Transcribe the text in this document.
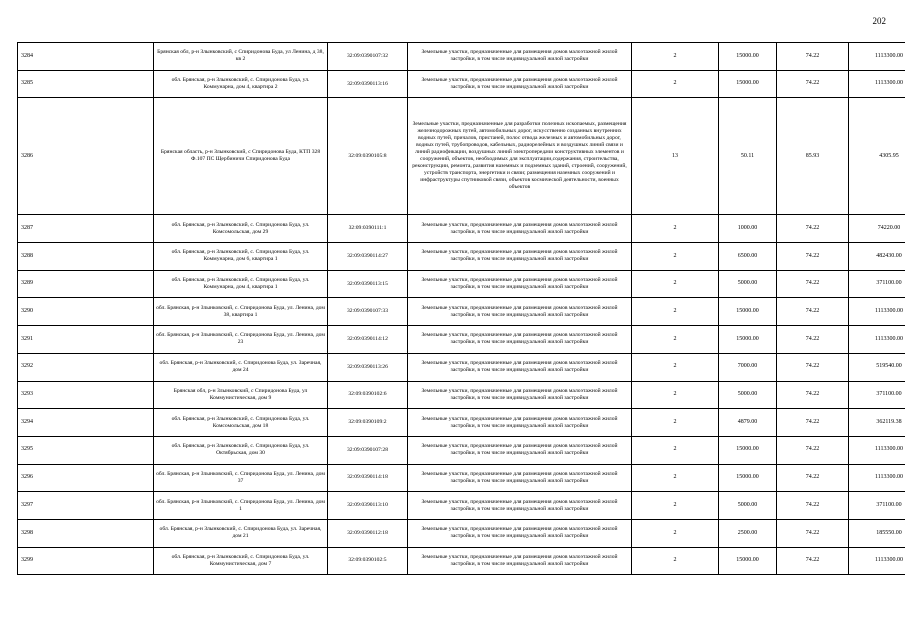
202
3284	Брянская обл, р-н Злынковский, с Спиридонова Буда, ул Ленина, д 38, кв 2	32:09:0390107:32	Земельные участки, предназначенные для размещения домов малоэтажной жилой застройки, в том числе индивидуальной жилой застройки	2	15000.00	74.22	1113300.00
3285	обл. Брянская, р-н Злынковский, с. Спиридонова Буда, ул. Коммунарна, дом 4, квартира 2	32:09:0390113:16	Земельные участки, предназначенные для размещения домов малоэтажной жилой застройки, в том числе индивидуальной жилой застройки	2	15000.00	74.22	1113300.00
3286	Брянская область, р-н Злынковский, с Спиридонова Буда, КТП 328 Ф.107 ПС Щербиничи Спиридонова Буда	32:09:0390105:8	Земельные участки, предназначенные для разработки полезных ископаемых, размещения железнодорожных путей, автомобильных дорог, искусственно созданных внутренних водных путей, причалов, пристаней, полос отвода железных и автомобильных дорог, водных путей, трубопроводов, кабельных, радиорелейных и воздушных линий связи и линий радиофикации, воздушных линий электропередачи конструктивных элементов и сооружений, объектов, необходимых для эксплуатации,содержания, строительства, реконструкции, ремонта, развития наземных и подземных зданий, строений, сооружений, устройств транспорта, энергетики и связи; размещения наземных сооружений и инфраструктуры спутниковой связи, объектов космической деятельности, военных объектов	13	50.11	85.93	4305.95
3287	обл. Брянская, р-н Злынковский, с. Спиридонова Буда, ул. Комсомольская, дом 29	32:09:0390111:1	Земельные участки, предназначенные для размещения домов малоэтажной жилой застройки, в том числе индивидуальной жилой застройки	2	1000.00	74.22	74220.00
3288	обл. Брянская, р-н Злынковский, с. Спиридонова Буда, ул. Коммунарна, дом 6, квартира 1	32:09:0390114:27	Земельные участки, предназначенные для размещения домов малоэтажной жилой застройки, в том числе индивидуальной жилой застройки	2	6500.00	74.22	482430.00
3289	обл. Брянская, р-н Злынковский, с. Спиридонова Буда, ул. Коммунарна, дом 4, квартира 1	32:09:0390113:15	Земельные участки, предназначенные для размещения домов малоэтажной жилой застройки, в том числе индивидуальной жилой застройки	2	5000.00	74.22	371100.00
3290	обл. Брянская, р-н Злынковский, с. Спиридонова Буда, ул. Ленина, дом 38, квартира 1	32:09:0390107:33	Земельные участки, предназначенные для размещения домов малоэтажной жилой застройки, в том числе индивидуальной жилой застройки	2	15000.00	74.22	1113300.00
3291	обл. Брянская, р-н Злынковский, с. Спиридонова Буда, ул. Ленина, дом 23	32:09:0390114:12	Земельные участки, предназначенные для размещения домов малоэтажной жилой застройки, в том числе индивидуальной жилой застройки	2	15000.00	74.22	1113300.00
3292	обл. Брянская, р-н Злынковский, с. Спиридонова Буда, ул. Заречная, дом 24	32:09:0390113:26	Земельные участки, предназначенные для размещения домов малоэтажной жилой застройки, в том числе индивидуальной жилой застройки	2	7000.00	74.22	519540.00
3293	Брянская обл, р-н Злынковский, с Спиридонова Буда, ул Коммунистическая, дом 9	32:09:0390102:6	Земельные участки, предназначенные для размещения домов малоэтажной жилой застройки, в том числе индивидуальной жилой застройки	2	5000.00	74.22	371100.00
3294	обл. Брянская, р-н Злынковский, с. Спиридонова Буда, ул. Комсомольская, дом 18	32:09:0390109:2	Земельные участки, предназначенные для размещения домов малоэтажной жилой застройки, в том числе индивидуальной жилой застройки	2	4879.00	74.22	362119.38
3295	обл. Брянская, р-н Злынковский, с. Спиридонова Буда, ул. Октябрьская, дом 30	32:09:0390107:28	Земельные участки, предназначенные для размещения домов малоэтажной жилой застройки, в том числе индивидуальной жилой застройки	2	15000.00	74.22	1113300.00
3296	обл. Брянская, р-н Злынковский, с. Спиридонова Буда, ул. Ленина, дом 37	32:09:0390114:18	Земельные участки, предназначенные для размещения домов малоэтажной жилой застройки, в том числе индивидуальной жилой застройки	2	15000.00	74.22	1113300.00
3297	обл. Брянская, р-н Злынковский, с. Спиридонова Буда, ул. Ленина, дом 1	32:09:0390113:10	Земельные участки, предназначенные для размещения домов малоэтажной жилой застройки, в том числе индивидуальной жилой застройки	2	5000.00	74.22	371100.00
3298	обл. Брянская, р-н Злынковский, с. Спиридонова Буда, ул. Заречная, дом 21	32:09:0390112:18	Земельные участки, предназначенные для размещения домов малоэтажной жилой застройки, в том числе индивидуальной жилой застройки	2	2500.00	74.22	185550.00
3299	обл. Брянская, р-н Злынковский, с. Спиридонова Буда, ул. Коммунистическая, дом 7	32:09:0390102:5	Земельные участки, предназначенные для размещения домов малоэтажной жилой застройки, в том числе индивидуальной жилой застройки	2	15000.00	74.22	1113300.00
